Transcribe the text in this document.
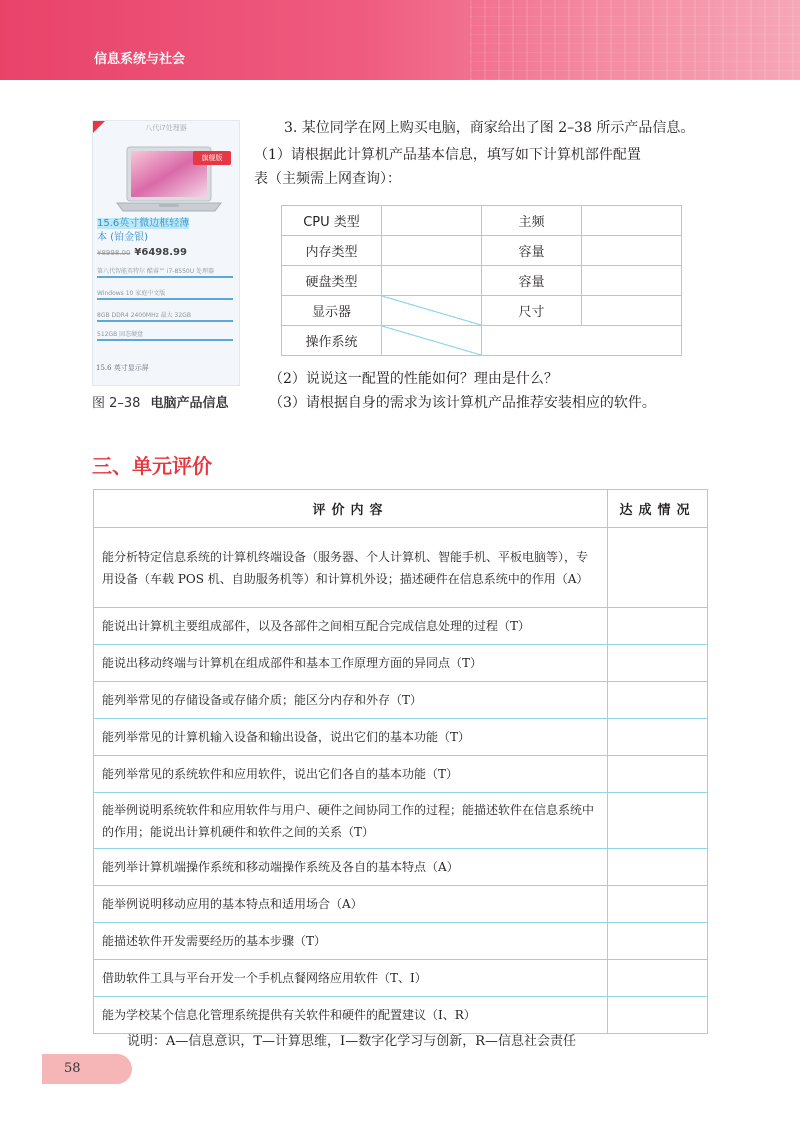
信息系统与社会
八代i7处理器
旗舰版
15.6英寸微边框轻薄
本 (铂金银)
¥8998.00 ¥6498.99
第八代智能英特尔 酷睿™ i7-8550U 处理器
Windows 10 家庭中文版
8GB DDR4 2400MHz 最大 32GB
512GB 固态硬盘
15.6 英寸显示屏
图 2–38 电脑产品信息
3. 某位同学在网上购买电脑，商家给出了图 2–38 所示产品信息。
（1）请根据此计算机产品基本信息，填写如下计算机部件配置
表（主频需上网查询）：
CPU 类型		主频	
内存类型		容量	
硬盘类型		容量	
显示器		尺寸	
操作系统			
（2）说说这一配置的性能如何？理由是什么？
（3）请根据自身的需求为该计算机产品推荐安装相应的软件。
三、单元评价
评价内容	达成情况
能分析特定信息系统的计算机终端设备（服务器、个人计算机、智能手机、平板电脑等），专用设备（车载 POS 机、自助服务机等）和计算机外设；描述硬件在信息系统中的作用（A）	
能说出计算机主要组成部件，以及各部件之间相互配合完成信息处理的过程（T）	
能说出移动终端与计算机在组成部件和基本工作原理方面的异同点（T）	
能列举常见的存储设备或存储介质；能区分内存和外存（T）	
能列举常见的计算机输入设备和输出设备，说出它们的基本功能（T）	
能列举常见的系统软件和应用软件，说出它们各自的基本功能（T）	
能举例说明系统软件和应用软件与用户、硬件之间协同工作的过程；能描述软件在信息系统中的作用；能说出计算机硬件和软件之间的关系（T）	
能列举计算机端操作系统和移动端操作系统及各自的基本特点（A）	
能举例说明移动应用的基本特点和适用场合（A）	
能描述软件开发需要经历的基本步骤（T）	
借助软件工具与平台开发一个手机点餐网络应用软件（T、I）	
能为学校某个信息化管理系统提供有关软件和硬件的配置建议（I、R）	
说明：A—信息意识，T—计算思维，I—数字化学习与创新，R—信息社会责任
58
